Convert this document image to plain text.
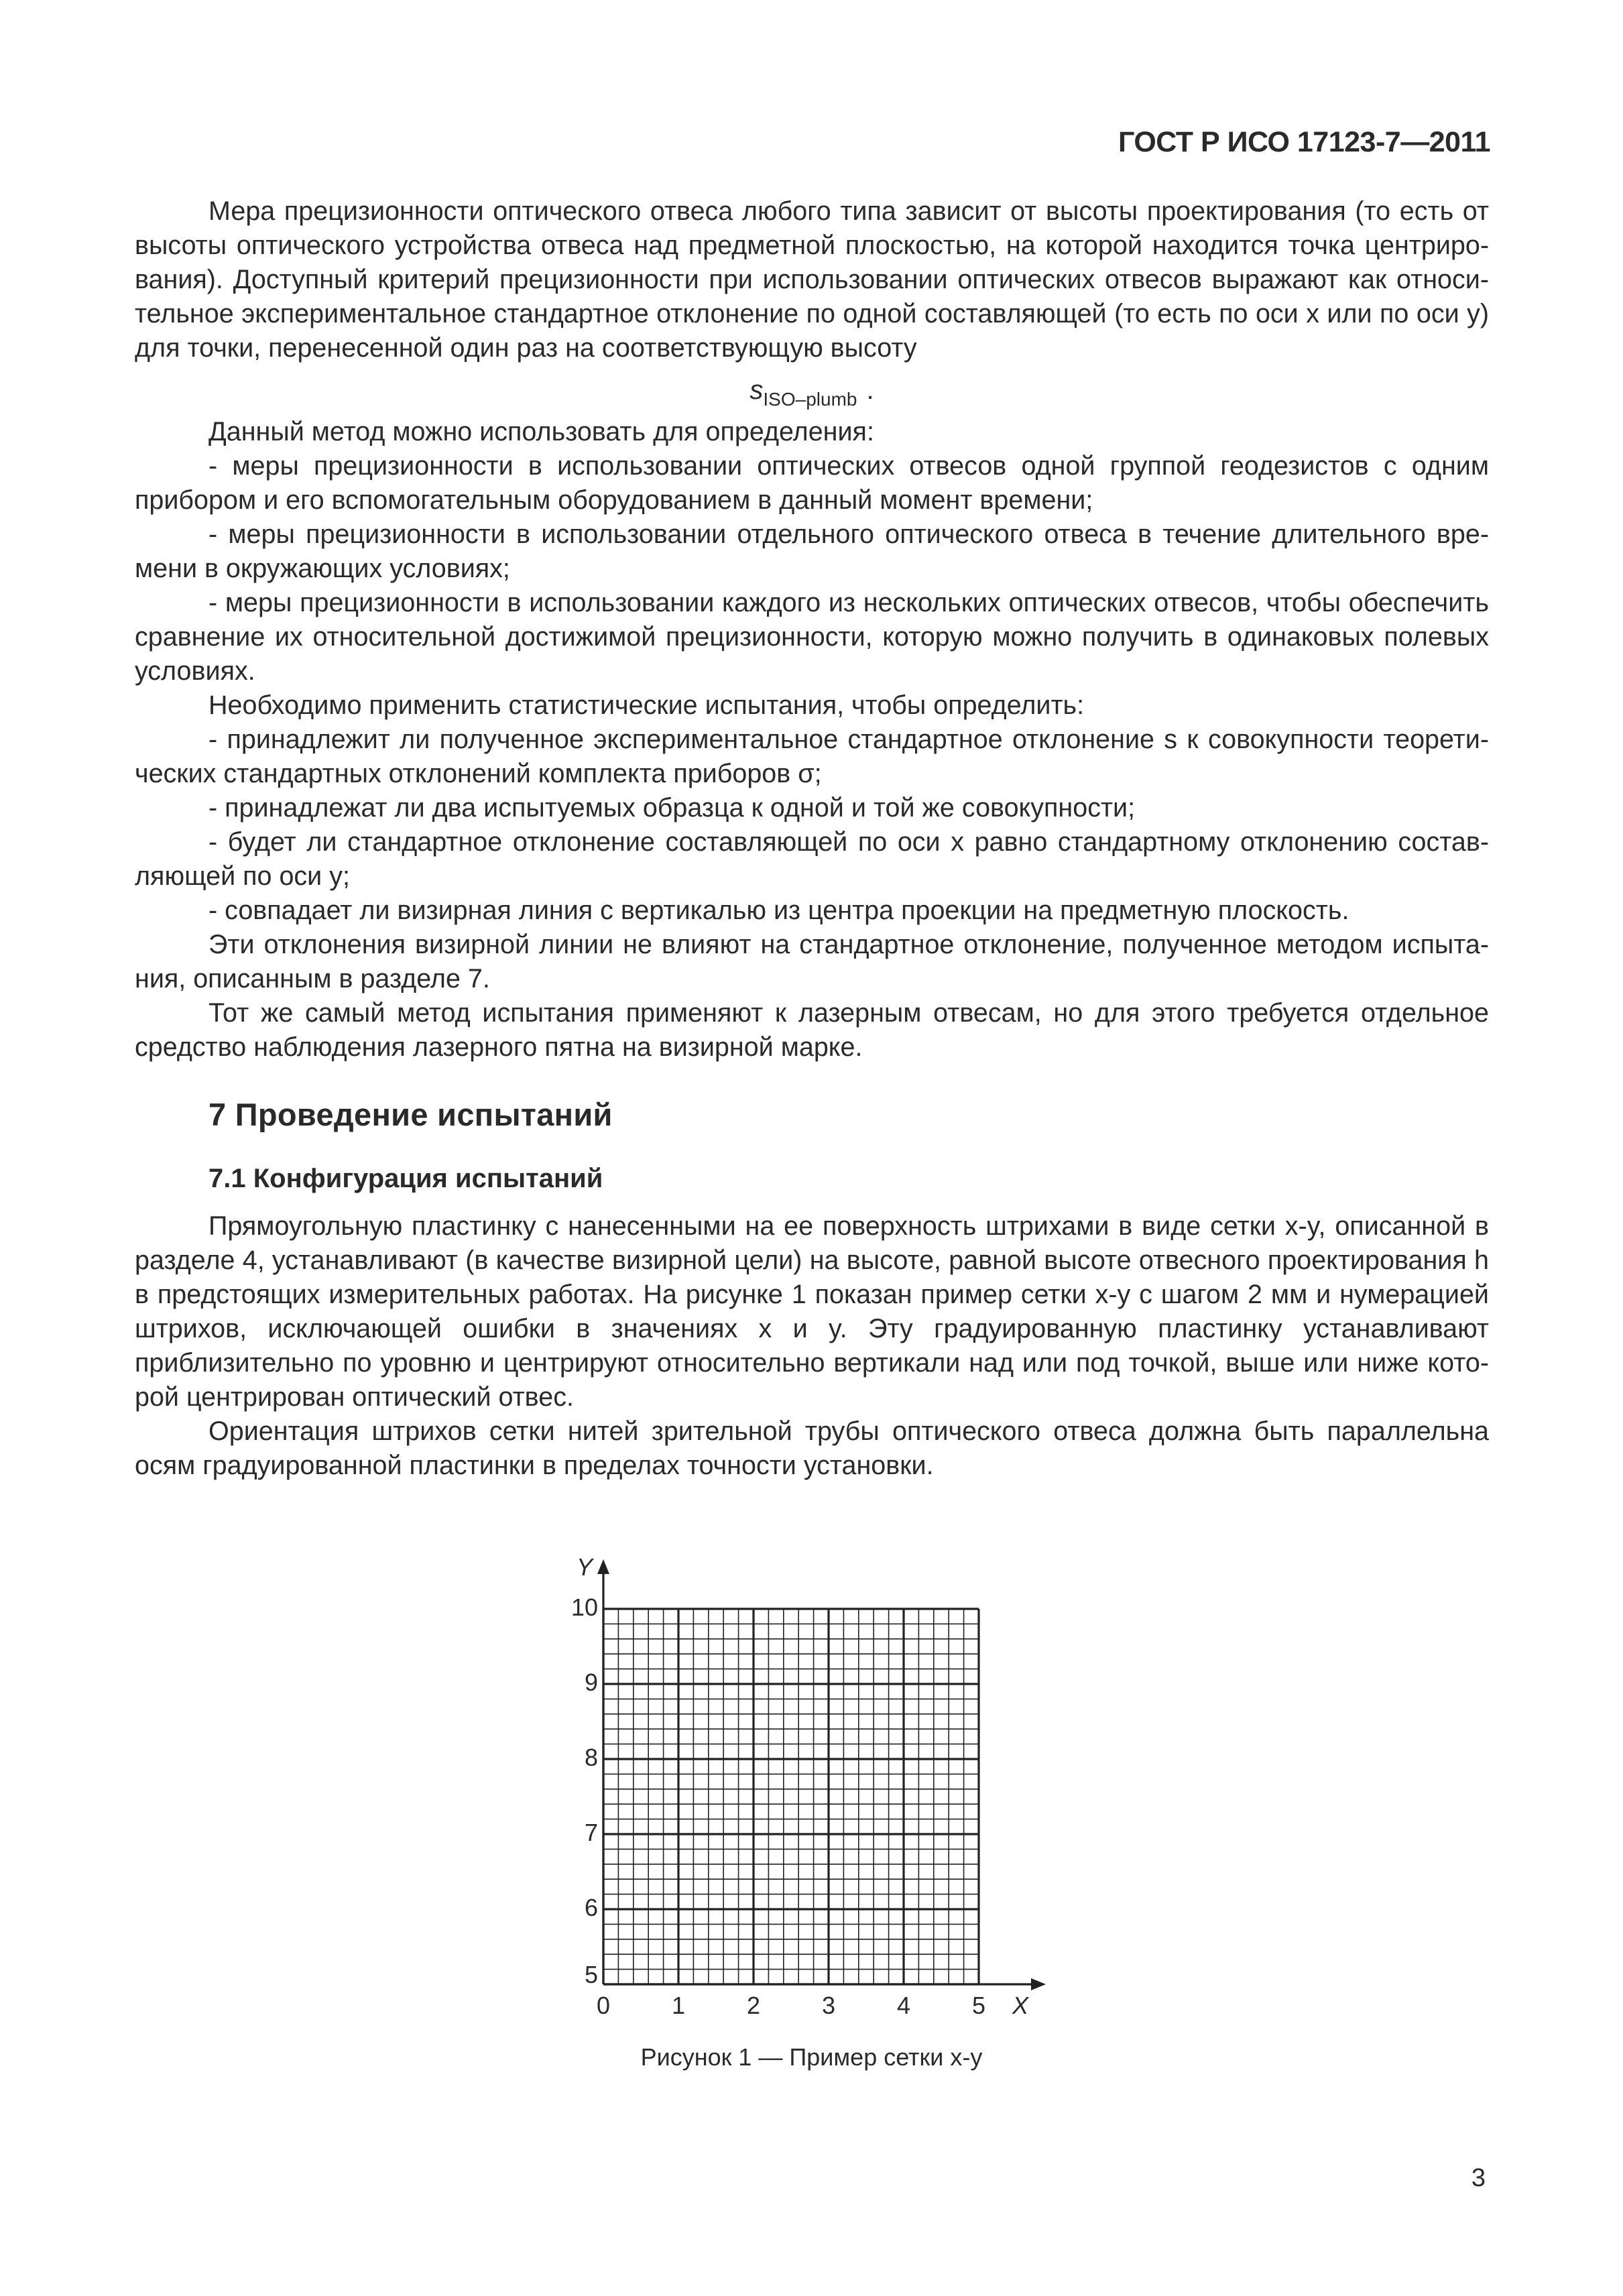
ГОСТ Р ИСО 17123-7—2011

Мера прецизионности оптического отвеса любого типа зависит от высоты проектирования (то есть от высоты оптического устройства отвеса над предметной плоскостью, на которой находится точка центрирования). Доступный критерий прецизионности при использовании оптических отвесов выражают как относительное экспериментальное стандартное отклонение по одной составляющей (то есть по оси x или по оси y) для точки, перенесенной один раз на соответствующую высоту

$s_{ISO-plumb}$ .

Данный метод можно использовать для определения:

- меры прецизионности в использовании оптических отвесов одной группой геодезистов с одним прибором и его вспомогательным оборудованием в данный момент времени;

- меры прецизионности в использовании отдельного оптического отвеса в течение длительного времени в окружающих условиях;

- меры прецизионности в использовании каждого из нескольких оптических отвесов, чтобы обеспечить сравнение их относительной достижимой прецизионности, которую можно получить в одинаковых полевых условиях.

Необходимо применить статистические испытания, чтобы определить:

- принадлежит ли полученное экспериментальное стандартное отклонение s к совокупности теоретических стандартных отклонений комплекта приборов σ;

- принадлежат ли два испытуемых образца к одной и той же совокупности;

- будет ли стандартное отклонение составляющей по оси x равно стандартному отклонению составляющей по оси y;

- совпадает ли визирная линия с вертикалью из центра проекции на предметную плоскость.

Эти отклонения визирной линии не влияют на стандартное отклонение, полученное методом испытания, описанным в разделе 7.

Тот же самый метод испытания применяют к лазерным отвесам, но для этого требуется отдельное средство наблюдения лазерного пятна на визирной марке.

7 Проведение испытаний
7.1 Конфигурация испытаний

Прямоугольную пластинку с нанесенными на ее поверхность штрихами в виде сетки x-y, описанной в разделе 4, устанавливают (в качестве визирной цели) на высоте, равной высоте отвесного проектирования h в предстоящих измерительных работах. На рисунке 1 показан пример сетки x-y с шагом 2 мм и нумерацией штрихов, исключающей ошибки в значениях x и y. Эту градуированную пластинку устанавливают приблизительно по уровню и центрируют относительно вертикали над или под точкой, выше или ниже которой центрирован оптический отвес.

Ориентация штрихов сетки нитей зрительной трубы оптического отвеса должна быть параллельна осям градуированной пластинки в пределах точности установки.

0	1	2	3	4	5
5
6
7
8
9
10
X
Y
Рисунок 1 — Пример сетки x-y
3
